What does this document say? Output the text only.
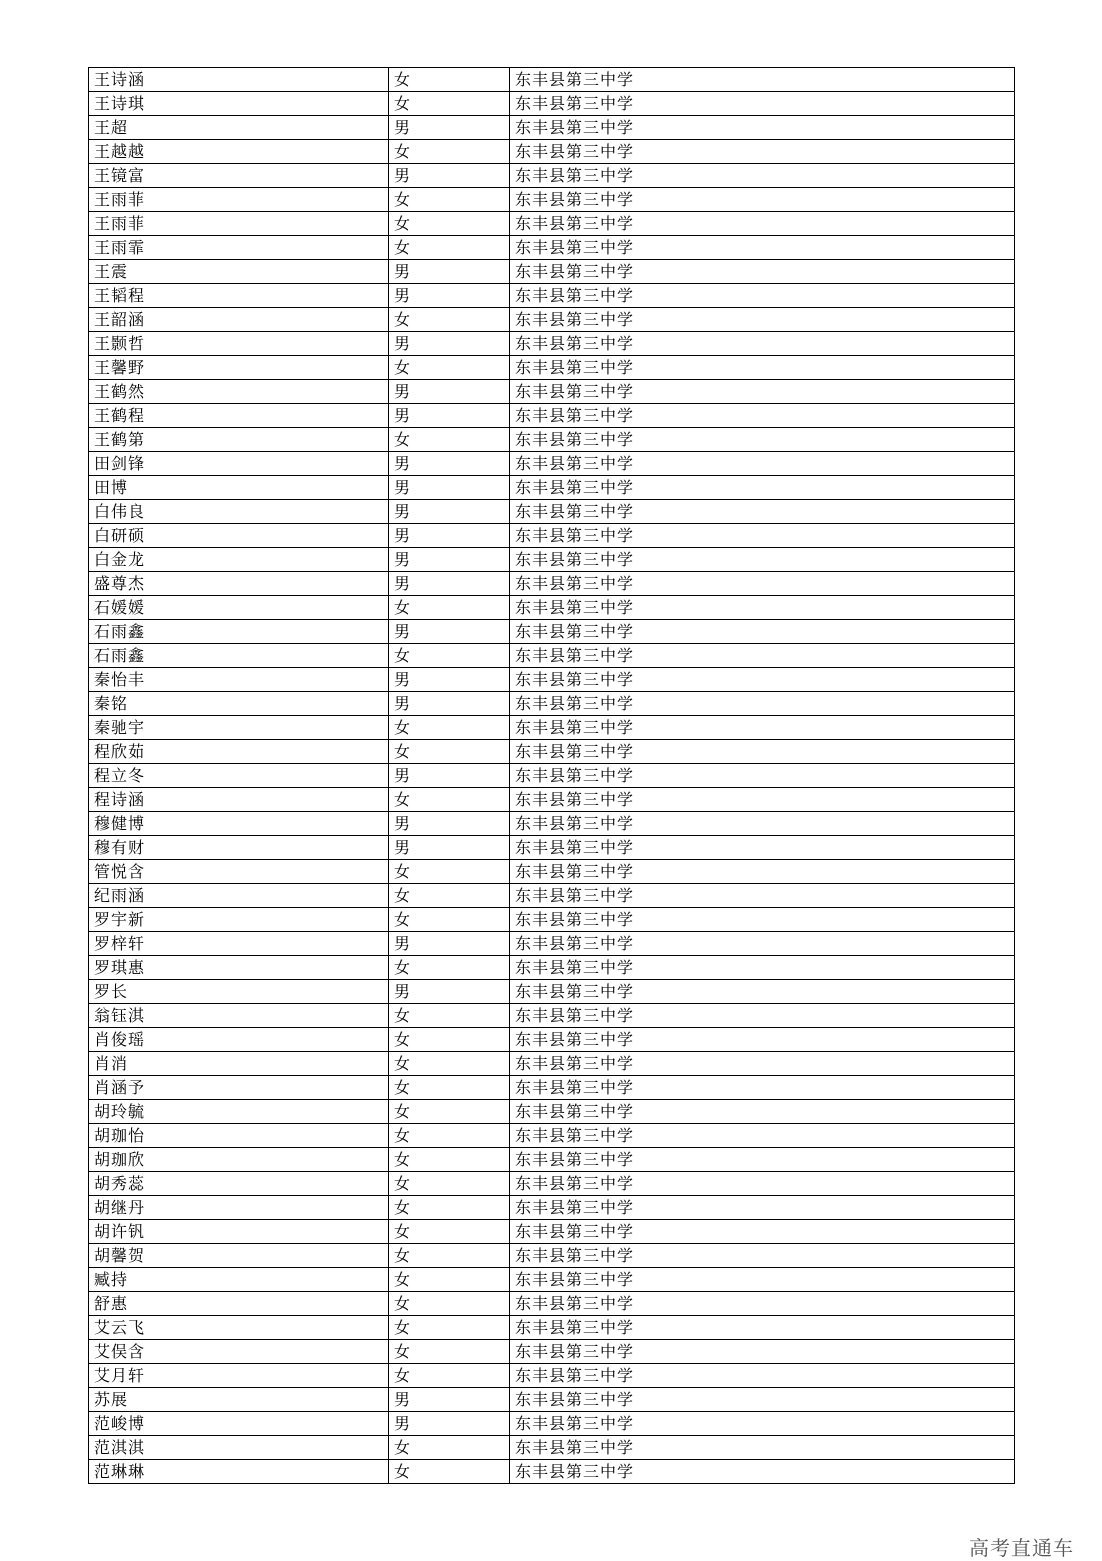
王诗涵	女	东丰县第三中学
王诗琪	女	东丰县第三中学
王超	男	东丰县第三中学
王越越	女	东丰县第三中学
王镜富	男	东丰县第三中学
王雨菲	女	东丰县第三中学
王雨菲	女	东丰县第三中学
王雨霏	女	东丰县第三中学
王震	男	东丰县第三中学
王韬程	男	东丰县第三中学
王韶涵	女	东丰县第三中学
王颢哲	男	东丰县第三中学
王馨野	女	东丰县第三中学
王鹤然	男	东丰县第三中学
王鹤程	男	东丰县第三中学
王鹤第	女	东丰县第三中学
田剑锋	男	东丰县第三中学
田博	男	东丰县第三中学
白伟良	男	东丰县第三中学
白研硕	男	东丰县第三中学
白金龙	男	东丰县第三中学
盛尊杰	男	东丰县第三中学
石媛媛	女	东丰县第三中学
石雨鑫	男	东丰县第三中学
石雨鑫	女	东丰县第三中学
秦怡丰	男	东丰县第三中学
秦铭	男	东丰县第三中学
秦驰宇	女	东丰县第三中学
程欣茹	女	东丰县第三中学
程立冬	男	东丰县第三中学
程诗涵	女	东丰县第三中学
穆健博	男	东丰县第三中学
穆有财	男	东丰县第三中学
管悦含	女	东丰县第三中学
纪雨涵	女	东丰县第三中学
罗宇新	女	东丰县第三中学
罗梓轩	男	东丰县第三中学
罗琪惠	女	东丰县第三中学
罗长	男	东丰县第三中学
翁钰淇	女	东丰县第三中学
肖俊瑶	女	东丰县第三中学
肖消	女	东丰县第三中学
肖涵予	女	东丰县第三中学
胡玲毓	女	东丰县第三中学
胡珈怡	女	东丰县第三中学
胡珈欣	女	东丰县第三中学
胡秀蕊	女	东丰县第三中学
胡继丹	女	东丰县第三中学
胡许钒	女	东丰县第三中学
胡馨贺	女	东丰县第三中学
臧持	女	东丰县第三中学
舒惠	女	东丰县第三中学
艾云飞	女	东丰县第三中学
艾俣含	女	东丰县第三中学
艾月轩	女	东丰县第三中学
苏展	男	东丰县第三中学
范峻博	男	东丰县第三中学
范淇淇	女	东丰县第三中学
范琳琳	女	东丰县第三中学
高考直通车
